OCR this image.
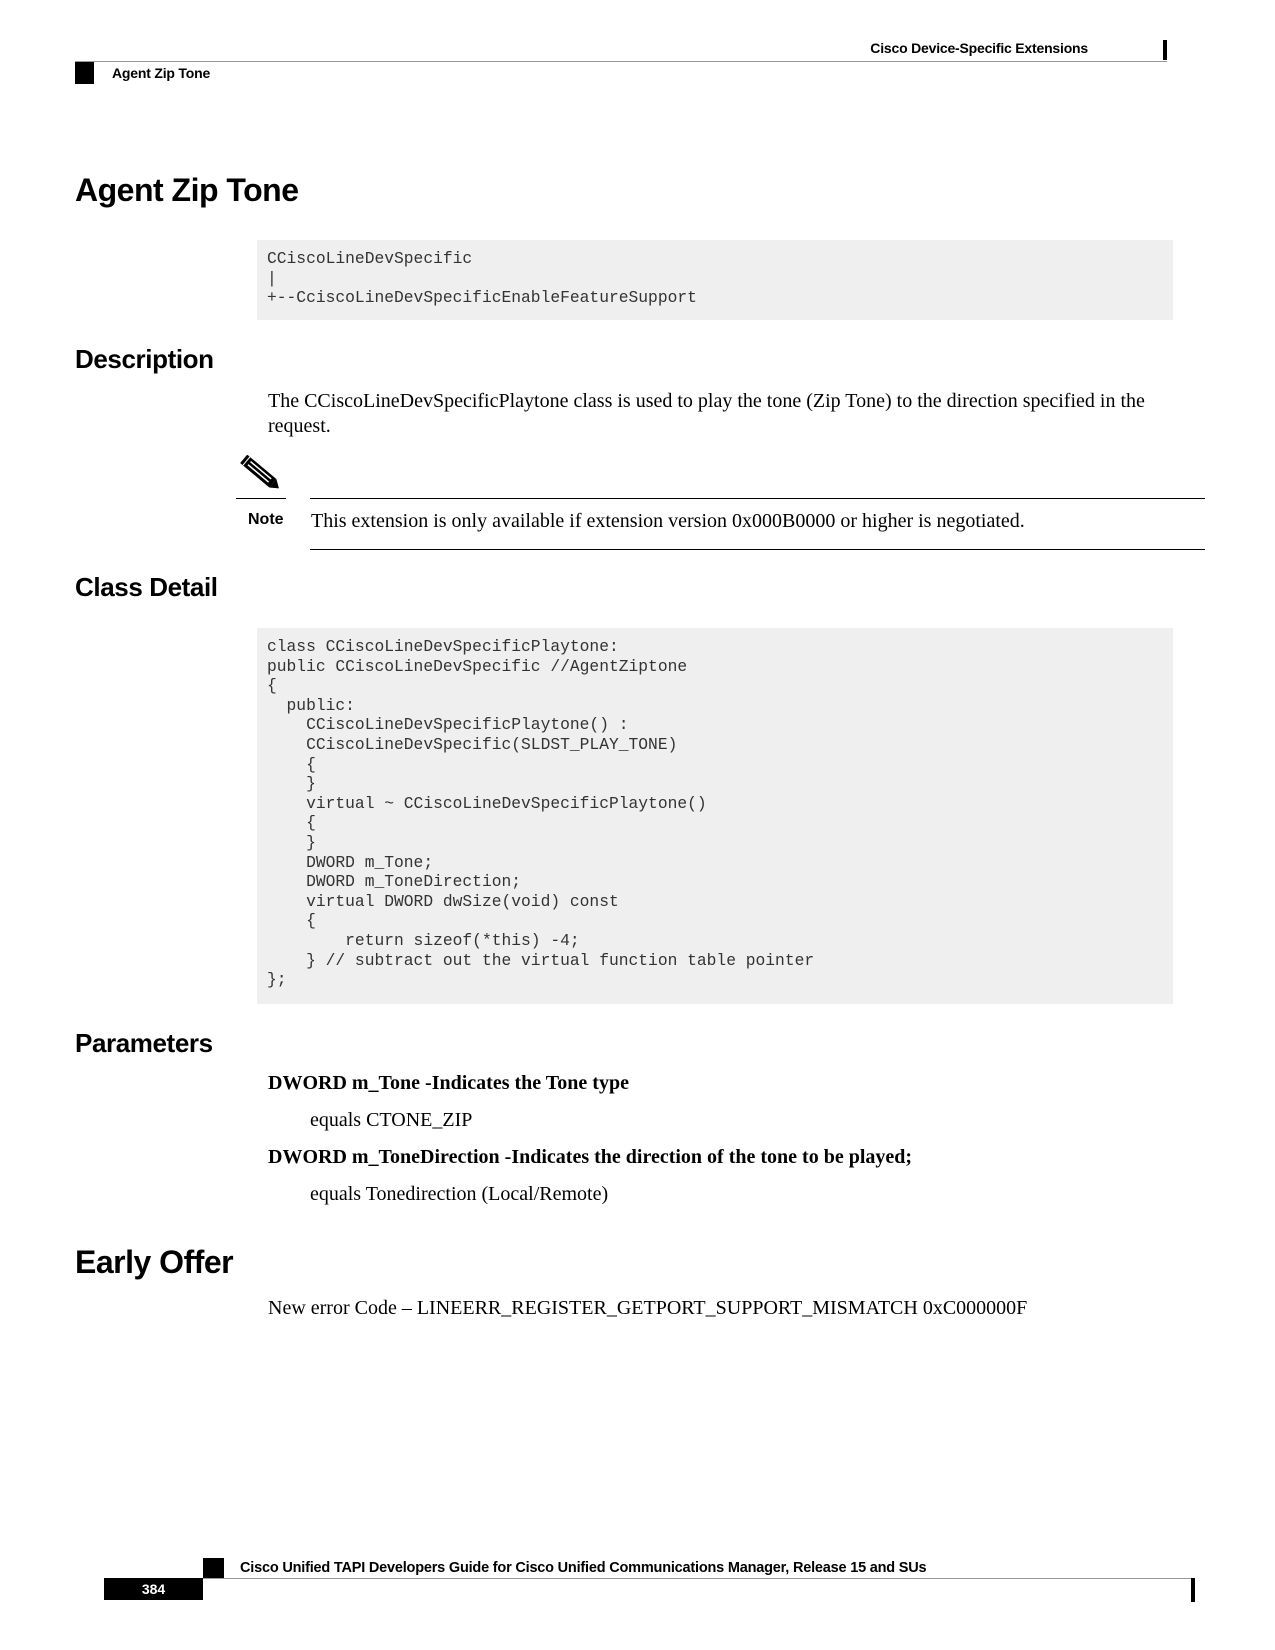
Cisco Device-Specific Extensions
Agent Zip Tone
Agent Zip Tone
CCiscoLineDevSpecific
|
+--CciscoLineDevSpecificEnableFeatureSupport
Description
The CCiscoLineDevSpecificPlaytone class is used to play the tone (Zip Tone) to the direction specified in the request.
Note This extension is only available if extension version 0x000B0000 or higher is negotiated.
Class Detail
class CCiscoLineDevSpecificPlaytone:
public CCiscoLineDevSpecific //AgentZiptone
{
public:
CCiscoLineDevSpecificPlaytone() :
CCiscoLineDevSpecific(SLDST_PLAY_TONE)
{
}
virtual ~ CCiscoLineDevSpecificPlaytone()
{
}
DWORD m_Tone;
DWORD m_ToneDirection;
virtual DWORD dwSize(void) const
{
return sizeof(*this) -4;
} // subtract out the virtual function table pointer
};
Parameters
DWORD m_Tone -Indicates the Tone type
equals CTONE_ZIP
DWORD m_ToneDirection -Indicates the direction of the tone to be played;
equals Tonedirection (Local/Remote)
Early Offer
New error Code – LINEERR_REGISTER_GETPORT_SUPPORT_MISMATCH 0xC000000F
Cisco Unified TAPI Developers Guide for Cisco Unified Communications Manager, Release 15 and SUs
384
